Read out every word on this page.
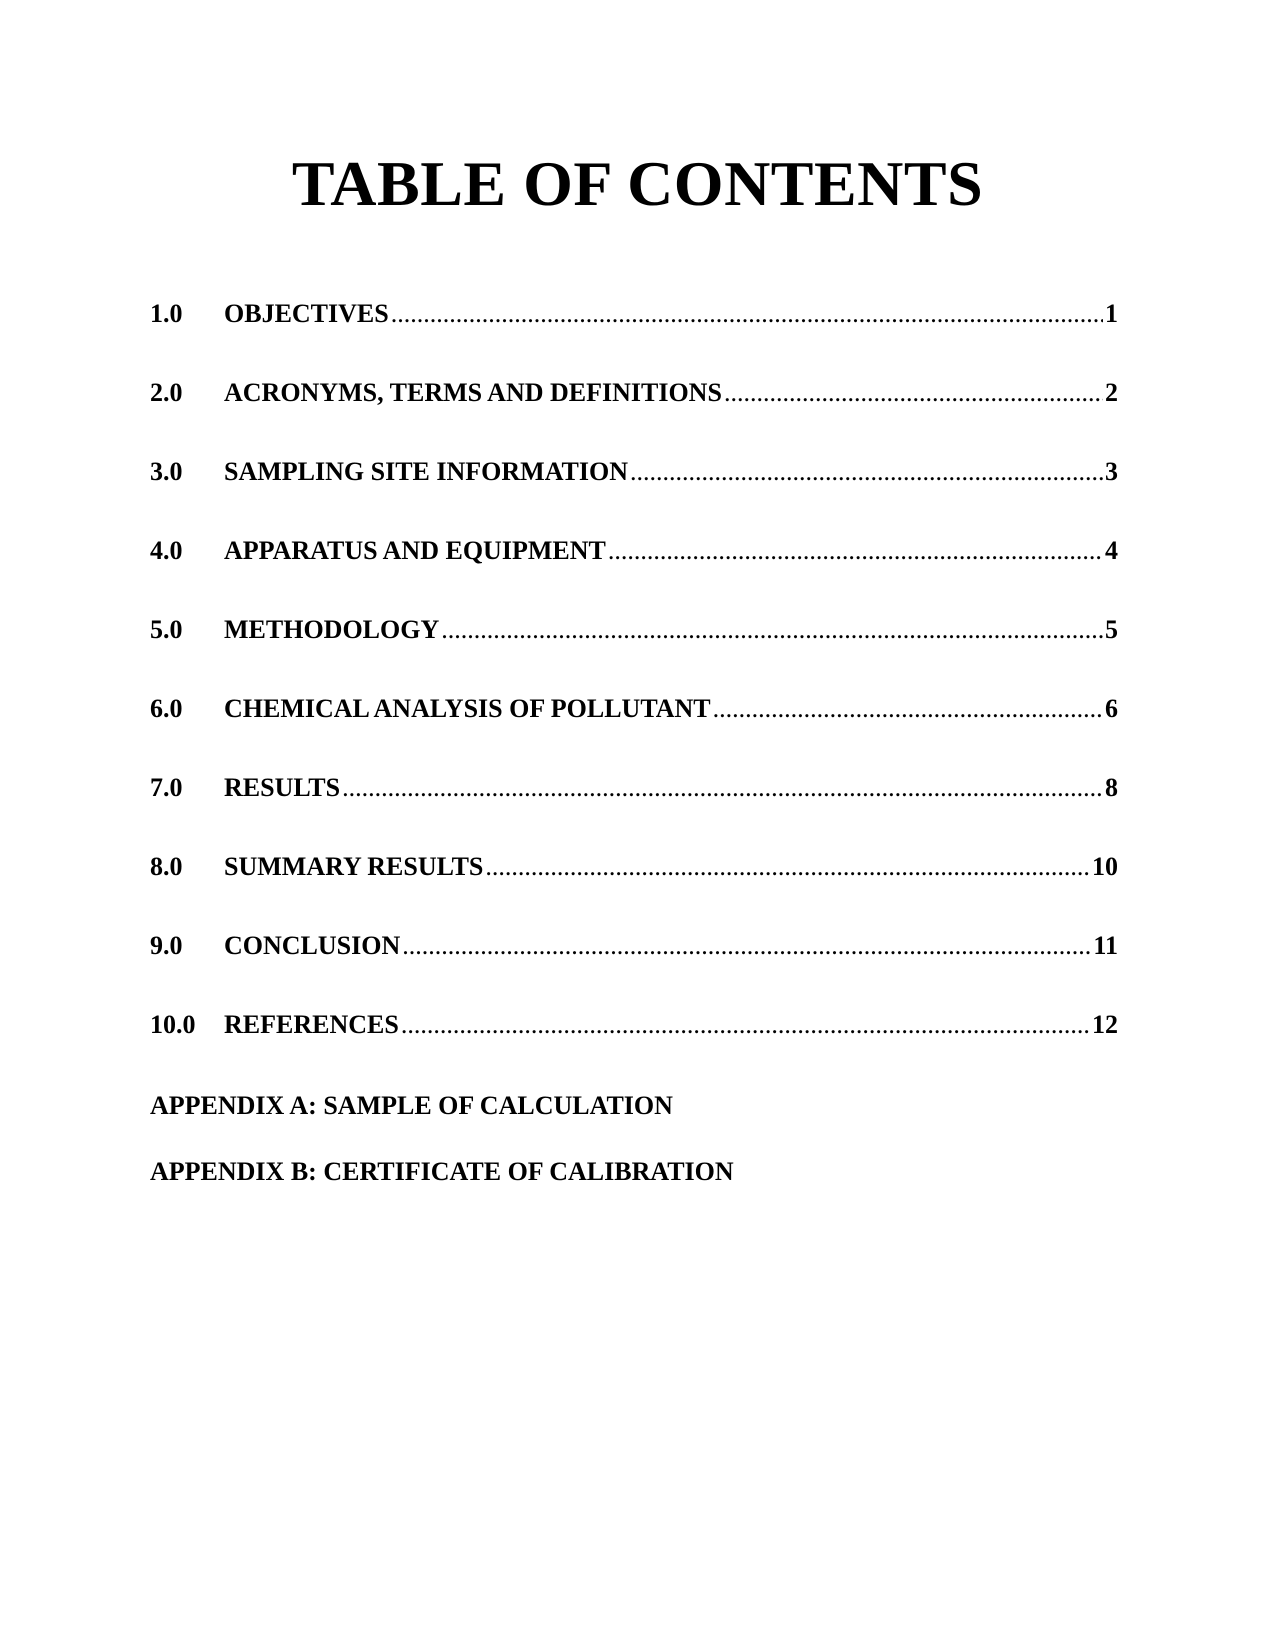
TABLE OF CONTENTS
1.0	OBJECTIVES .....	1
2.0	ACRONYMS, TERMS AND DEFINITIONS .....	2
3.0	SAMPLING SITE INFORMATION .....	3
4.0	APPARATUS AND EQUIPMENT .....	4
5.0	METHODOLOGY .....	5
6.0	CHEMICAL ANALYSIS OF POLLUTANT .....	6
7.0	RESULTS .....	8
8.0	SUMMARY RESULTS .....	10
9.0	CONCLUSION .....	11
10.0	REFERENCES .....	12
APPENDIX A: SAMPLE OF CALCULATION
APPENDIX B: CERTIFICATE OF CALIBRATION
